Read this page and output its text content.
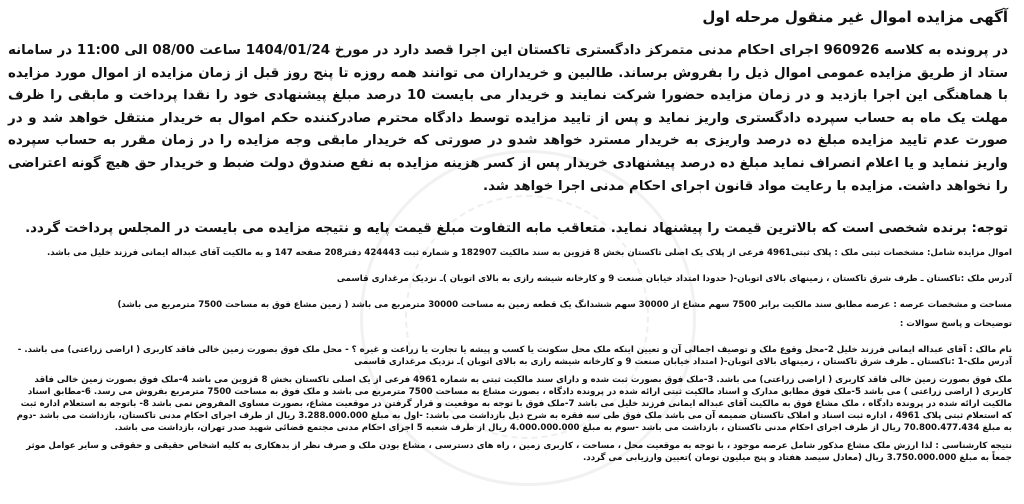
آگهی مزایده اموال غیر منقول مرحله اول
در پرونده به کلاسه 960926 اجرای احکام مدنی متمرکز دادگستری تاکستان این اجرا قصد دارد در مورخ 1404/01/24 ساعت 08/00 الی 11:00 در سامانه ستاد از طریق مزایده عمومی اموال ذیل را بفروش برساند. طالبین و خریداران می توانند همه روزه تا پنج روز قبل از زمان مزایده از اموال مورد مزایده با هماهنگی این اجرا بازدید و در زمان مزایده حضورا شرکت نمایند و خریدار می بایست 10 درصد مبلغ پیشنهادی خود را نقدا پرداخت و مابقی را ظرف مهلت یک ماه به حساب سپرده دادگستری واریز نماید و پس از تایید مزایده توسط دادگاه محترم صادرکننده حکم اموال به خریدار منتقل خواهد شد و در صورت عدم تایید مزایده مبلغ ده درصد واریزی به خریدار مسترد خواهد شدو در صورتی که خریدار مابقی وجه مزایده را در زمان مقرر به حساب سپرده واریز ننماید و یا اعلام انصراف نماید مبلغ ده درصد پیشنهادی خریدار پس از کسر هزینه مزایده به نفع صندوق دولت ضبط و خریدار حق هیچ گونه اعتراضی را نخواهد داشت. مزایده با رعایت مواد قانون اجرای احکام مدنی اجرا خواهد شد.
توجه: برنده شخصی است که بالاترین قیمت را پیشنهاد نماید. متعاقب مابه التفاوت مبلغ قیمت پایه و نتیجه مزایده می بایست در المجلس پرداخت گردد.

اموال مزایده شامل: مشخصات ثبتی ملک : پلاک ثبتی4961 فرعی از پلاک یک اصلی تاکستان بخش 8 قزوین به سند مالکیت 182907 و شماره ثبت 424443 دفتر208 صفحه 147 و به مالکیت آقای عبداله ایمانی فرزند خلیل می باشد.

آدرس ملک :تاکستان ـ طرف شرق تاکستان ، زمینهای بالای اتوبان-( حدودا امتداد خیابان صنعت 9 و کارخانه شیشه رازی به بالای اتوبان )ـ نزدیک مرغداری قاسمی

مساحت و مشخصات عرصه : عرصه مطابق سند مالکیت برابر 7500 سهم مشاع از 30000 سهم ششدانگ یک قطعه زمین به مساحت 30000 مترمربع می باشد ( زمین مشاع فوق به مساحت 7500 مترمربع می باشد)

توضیحات و پاسخ سوالات :

نام مالک : آقای عبداله ایمانی فرزند خلیل 2-محل وقوع ملک و توصیف اجمالی آن و تعیین اینکه ملک محل سکونت یا کسب و پیشه یا تجارت یا زراعت و غیره ؟ - محل ملک فوق بصورت زمین خالی فاقد کاربری ( اراضی زراعتی) می باشد. - آدرس ملک-1 :تاکستان ـ طرف شرق تاکستان ، زمینهای بالای اتوبان-( امتداد خیابان صنعت 9 و کارخانه شیشه رازی به بالای اتوبان )ـ نزدیک مرغداری قاسمی

ملک فوق بصورت زمین خالی فاقد کاربری ( اراضی زراعتی) می باشد. 3-ملک فوق بصورت ثبت شده و دارای سند مالکیت ثبتی به شماره 4961 فرعی از یک اصلی تاکستان بخش 8 قزوین می باشد 4-ملک فوق بصورت زمین خالی فاقد کاربری ( اراضی زراعتی ) می باشد 5-ملک فوق مطابق مدارک و اسناد مالکیت ثبتی ارائه شده در پرونده دادگاه ، بصورت مشاع به مساحت 7500 مترمربع می باشد و ملک فوق به مساحت 7500 مترمربع بفروش می رسد. 6-مطابق اسناد مالکیت ارائه شده در پرونده دادگاه ، ملک مشاع فوق به مالکیت آقای عبداله ایمانی فرزند خلیل می باشد 7-ملک فوق با توجه به موقعیت و قرار گرفتن در موقعیت مشاع، بصورت مساوی المفروض نمی باشد 8- باتوجه به استعلام اداره ثبت که استعلام ثبتی پلاک 4961 ، اداره ثبت اسناد و املاک تاکستان ضمیمه آن می باشد ملک فوق طی سه فقره به شرح ذیل بازداشت می باشد: -اول به مبلغ 3.288.000.000 ریال از طرف اجرای احکام مدنی تاکستان، بازداشت می باشد -دوم به مبلغ 70.800.477.434 ریال از طرف اجرای احکام مدنی تاکستان ، بازداشت می باشد -سوم به مبلغ 4.000.000.000 ریال از طرف شعبه 5 اجرای احکام مدنی مجتمع قضائی شهید صدر تهران، بازداشت می باشد.

نتیجه کارشناسی : لذا ارزش ملک مشاع مذکور شامل عرصه موجود ، با توجه به موقعیت محل ، مساحت ، کاربری زمین ، راه های دسترسی ، مشاع بودن ملک و صرف نظر از بدهکاری به کلیه اشخاص حقیقی و حقوقی و سایر عوامل موثر جمعاً به مبلغ 3.750.000.000 ریال (معادل سیصد هفتاد و پنج میلیون تومان )تعیین وارزیابی می گردد.
